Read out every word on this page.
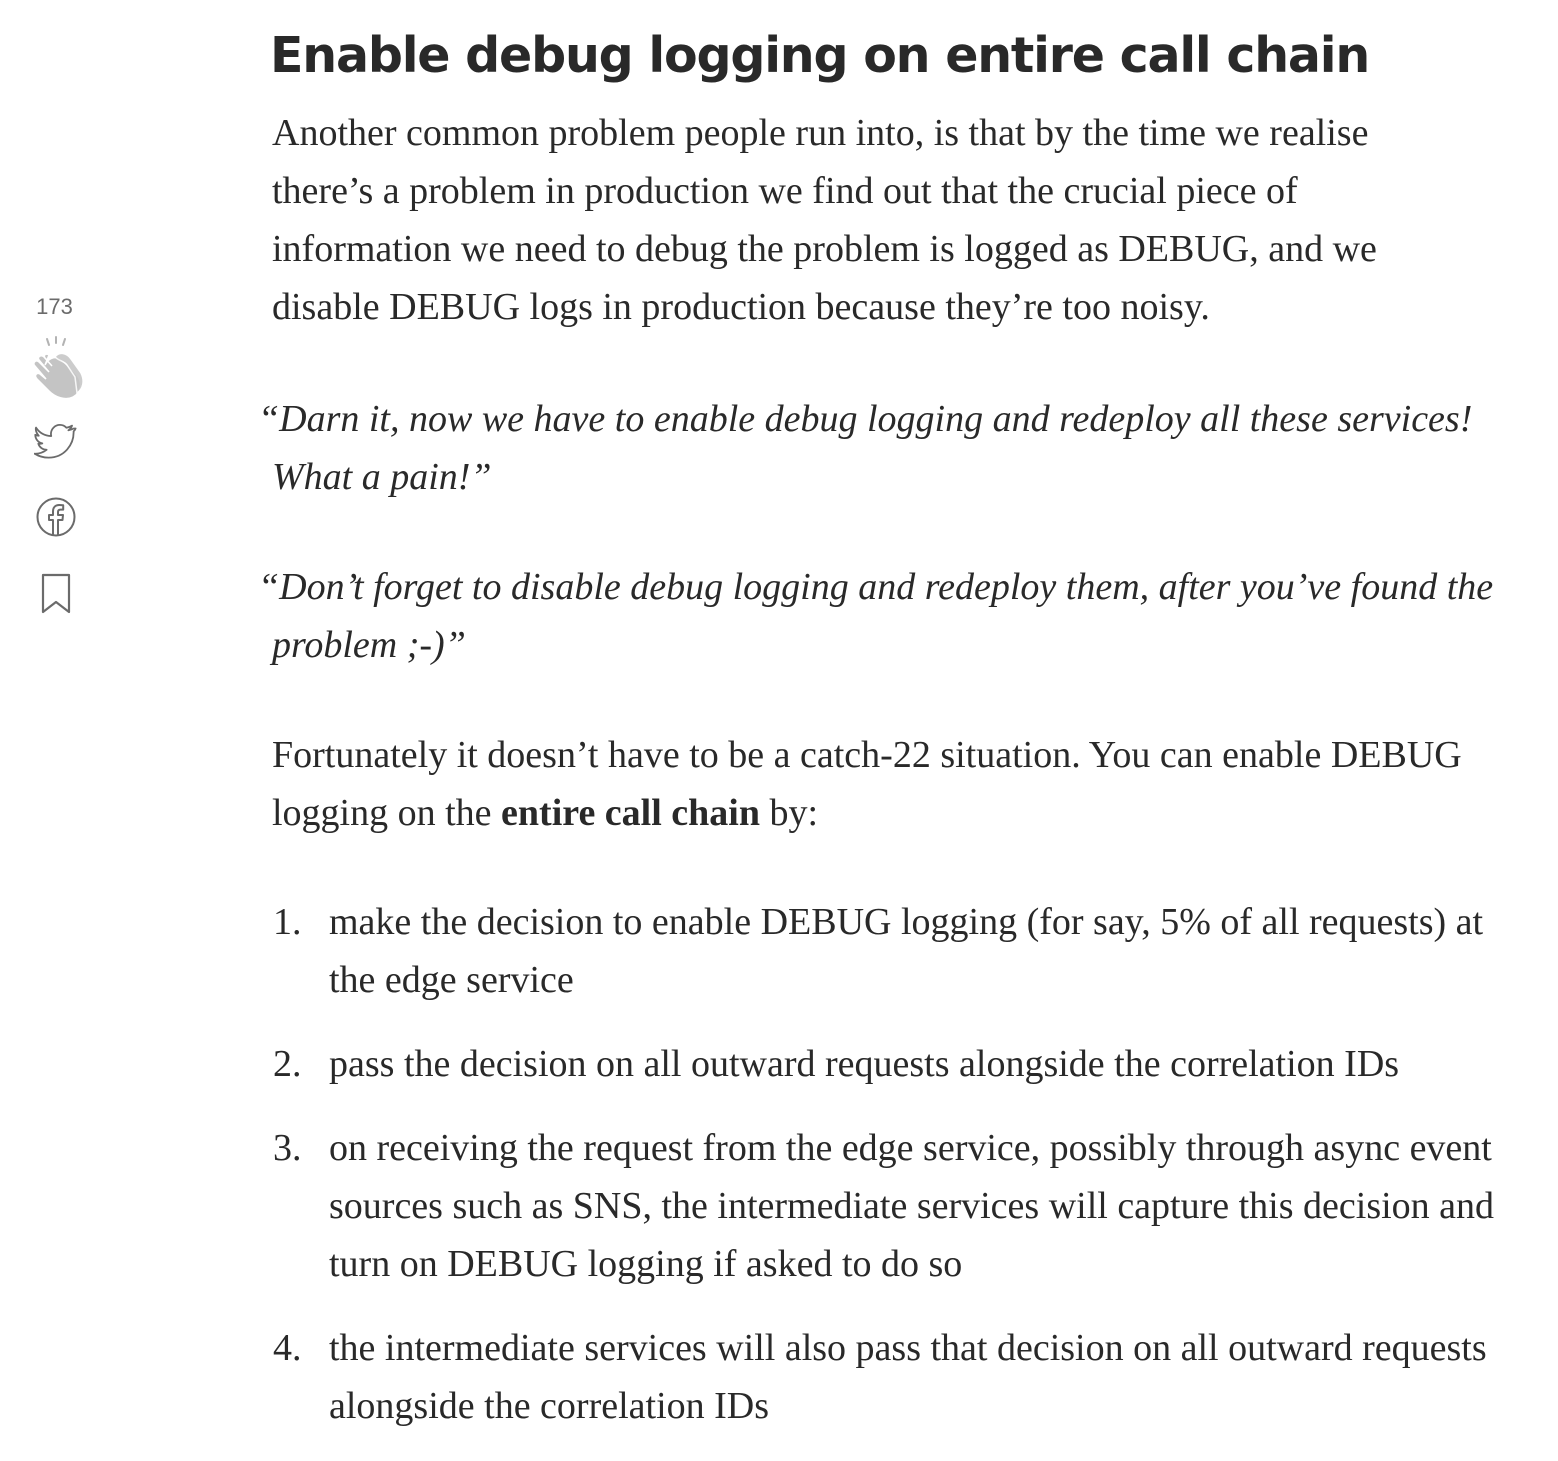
173
Enable debug logging on entire call chain

Another common problem people run into, is that by the time we realise there’s a problem in production we find out that the crucial piece of information we need to debug the problem is logged as DEBUG, and we disable DEBUG logs in production because they’re too noisy.

“Darn it, now we have to enable debug logging and redeploy all these services! What a pain!”

“Don’t forget to disable debug logging and redeploy them, after you’ve found the problem ;-)”

Fortunately it doesn’t have to be a catch-22 situation. You can enable DEBUG logging on the entire call chain by:

1. make the decision to enable DEBUG logging (for say, 5% of all requests) at the edge service
2. pass the decision on all outward requests alongside the correlation IDs
3. on receiving the request from the edge service, possibly through async event sources such as SNS, the intermediate services will capture this decision and turn on DEBUG logging if asked to do so
4. the intermediate services will also pass that decision on all outward requests alongside the correlation IDs
